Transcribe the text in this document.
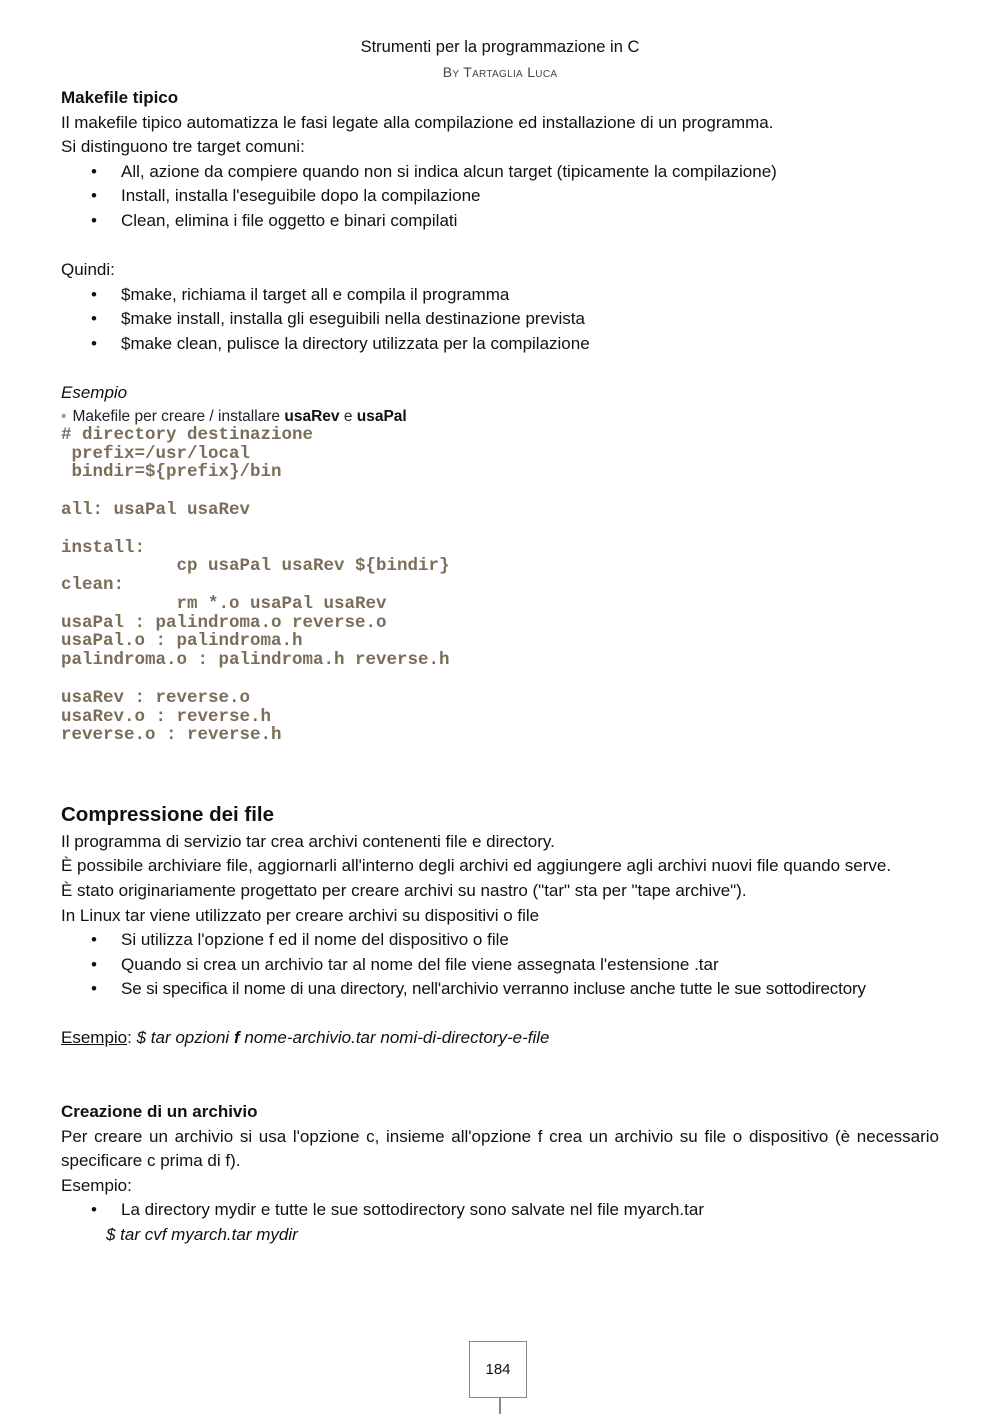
Strumenti per la programmazione in C
By Tartaglia Luca

Makefile tipico

Il makefile tipico automatizza le fasi legate alla compilazione ed installazione di un programma.

Si distinguono tre target comuni:

• All, azione da compiere quando non si indica alcun target (tipicamente la compilazione)
• Install, installa l'eseguibile dopo la compilazione
• Clean, elimina i file oggetto e binari compilati

Quindi:

• $make, richiama il target all e compila il programma
• $make install, installa gli eseguibili nella destinazione prevista
• $make clean, pulisce la directory utilizzata per la compilazione

Esempio

• Makefile per creare / installare usaRev e usaPal
# directory destinazione
prefix=/usr/local
bindir=${prefix}/bin

all: usaPal usaRev

install:
cp usaPal usaRev ${bindir}
clean:
rm *.o usaPal usaRev
usaPal : palindroma.o reverse.o
usaPal.o : palindroma.h
palindroma.o : palindroma.h reverse.h

usaRev : reverse.o
usaRev.o : reverse.h
reverse.o : reverse.h

Compressione dei file

Il programma di servizio tar crea archivi contenenti file e directory.

È possibile archiviare file, aggiornarli all'interno degli archivi ed aggiungere agli archivi nuovi file quando serve.

È stato originariamente progettato per creare archivi su nastro ("tar" sta per "tape archive").

In Linux tar viene utilizzato per creare archivi su dispositivi o file

• Si utilizza l'opzione f ed il nome del dispositivo o file
• Quando si crea un archivio tar al nome del file viene assegnata l'estensione .tar
• Se si specifica il nome di una directory, nell'archivio verranno incluse anche tutte le sue sottodirectory

Esempio: $ tar opzioni f nome-archivio.tar nomi-di-directory-e-file

Creazione di un archivio

Per creare un archivio si usa l'opzione c, insieme all'opzione f crea un archivio su file o dispositivo (è necessario specificare c prima di f).

Esempio:

• La directory mydir e tutte le sue sottodirectory sono salvate nel file myarch.tar

$ tar cvf myarch.tar mydir

184
